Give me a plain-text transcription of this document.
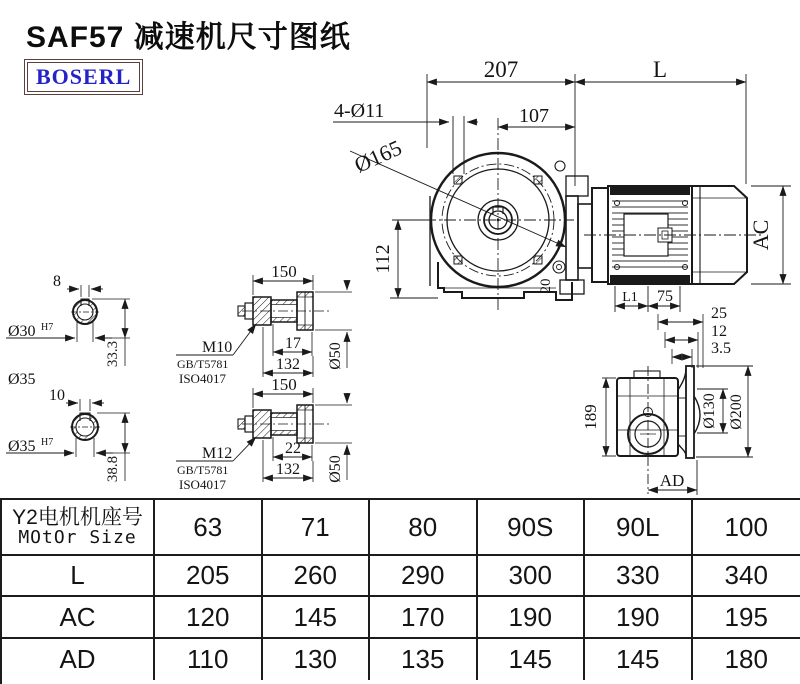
SAF57 减速机尺寸图纸
BOSERL
20
207	L
107
4-Ø11
Ø165
112
AC
L1 75
25
12
3.5
189	Ø130 Ø200
AD
8
Ø30 H7
33.3
Ø35
10
Ø35 H7
38.8
150
M10
GB/T5781
ISO4017
17
132 Ø50
150
M12
GB/T5781
ISO4017
22
132 Ø50
Y2电机机座号
MOtOr Size	63	71	80	90S	90L	100
L	205	260	290	300	330	340
AC	120	145	170	190	190	195
AD	110	130	135	145	145	180
